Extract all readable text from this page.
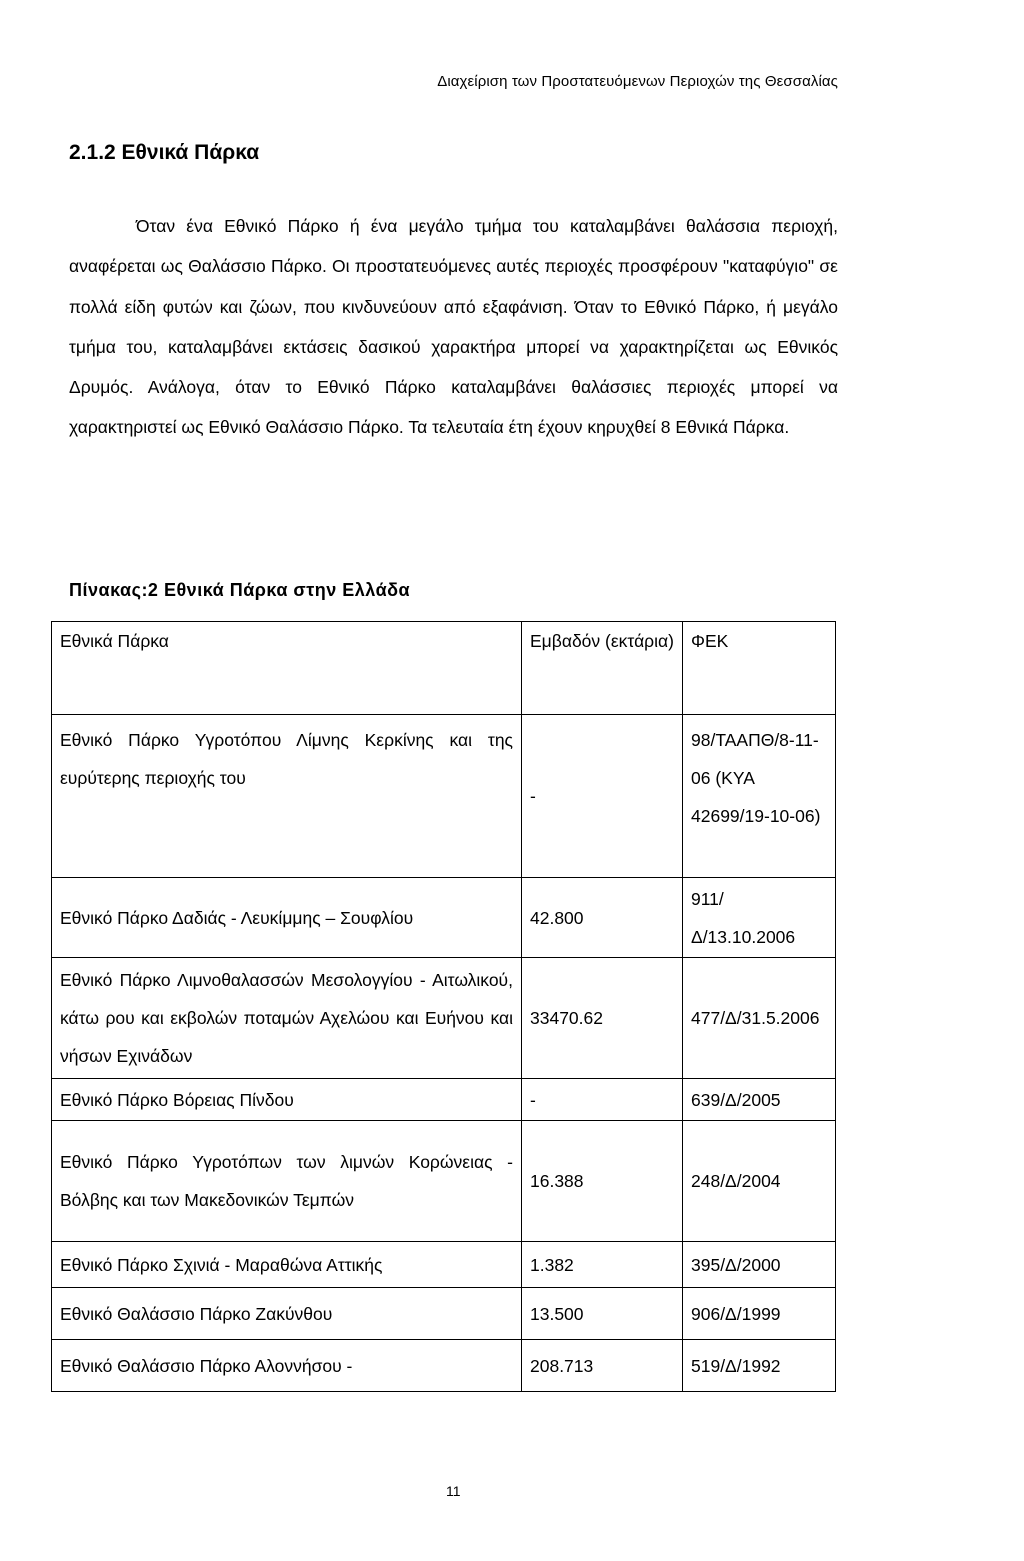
Διαχείριση των Προστατευόμενων Περιοχών της Θεσσαλίας
2.1.2 Εθνικά Πάρκα
Όταν ένα Εθνικό Πάρκο ή ένα μεγάλο τμήμα του καταλαμβάνει θαλάσσια περιοχή, αναφέρεται ως Θαλάσσιο Πάρκο. Οι προστατευόμενες αυτές περιοχές προσφέρουν "καταφύγιο" σε πολλά είδη φυτών και ζώων, που κινδυνεύουν από εξαφάνιση. Όταν το Εθνικό Πάρκο, ή μεγάλο τμήμα του, καταλαμβάνει εκτάσεις δασικού χαρακτήρα μπορεί να χαρακτηρίζεται ως Εθνικός Δρυμός. Ανάλογα, όταν το Εθνικό Πάρκο καταλαμβάνει θαλάσσιες περιοχές μπορεί να χαρακτηριστεί ως Εθνικό Θαλάσσιο Πάρκο. Τα τελευταία έτη έχουν κηρυχθεί 8 Εθνικά Πάρκα.
Πίνακας:2 Εθνικά Πάρκα στην Ελλάδα
Εθνικά Πάρκα	Εμβαδόν (εκτάρια)	ΦΕΚ
Εθνικό Πάρκο Υγροτόπου Λίμνης Κερκίνης και της ευρύτερης περιοχής του	-	98/ΤΑΑΠΘ/8-11-06 (ΚΥΑ 42699/19-10-06)
Εθνικό Πάρκο Δαδιάς - Λευκίμμης – Σουφλίου	42.800	911/Δ/13.10.2006
Εθνικό Πάρκο Λιμνοθαλασσών Μεσολογγίου - Αιτωλικού, κάτω ρου και εκβολών ποταμών Αχελώου και Ευήνου και νήσων Εχινάδων	33470.62	477/Δ/31.5.2006
Εθνικό Πάρκο Βόρειας Πίνδου	-	639/Δ/2005
Εθνικό Πάρκο Υγροτόπων των λιμνών Κορώνειας - Βόλβης και των Μακεδονικών Τεμπών	16.388	248/Δ/2004
Εθνικό Πάρκο Σχινιά - Μαραθώνα Αττικής	1.382	395/Δ/2000
Εθνικό Θαλάσσιο Πάρκο Ζακύνθου	13.500	906/Δ/1999
Εθνικό Θαλάσσιο Πάρκο Αλοννήσου -	208.713	519/Δ/1992
11
